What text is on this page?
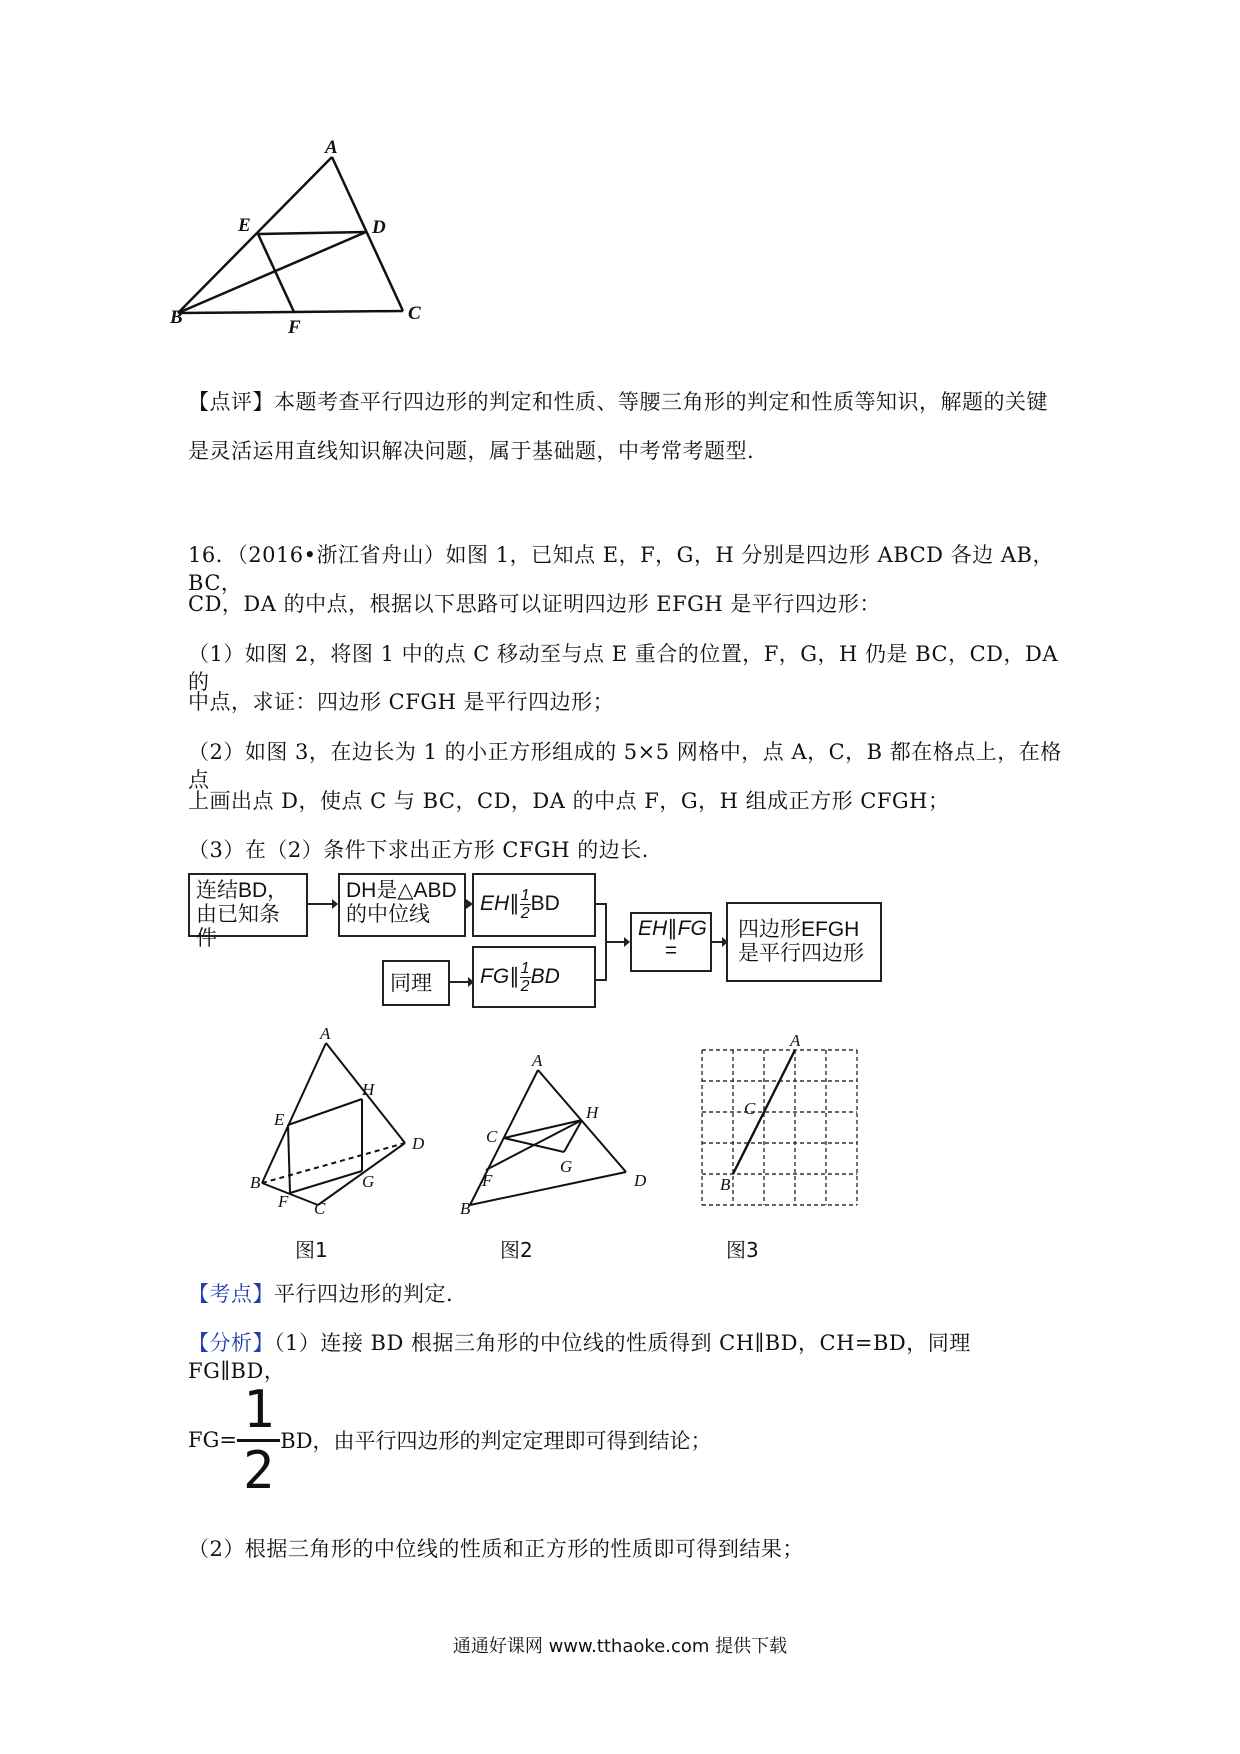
A
B	C
D
E
F
【点评】本题考查平行四边形的判定和性质、等腰三角形的判定和性质等知识，解题的关键
是灵活运用直线知识解决问题，属于基础题，中考常考题型.
16．（2016•浙江省舟山）如图 1，已知点 E，F，G，H 分别是四边形 ABCD 各边 AB，BC，
CD，DA 的中点，根据以下思路可以证明四边形 EFGH 是平行四边形：
（1）如图 2，将图 1 中的点 C 移动至与点 E 重合的位置，F，G，H 仍是 BC，CD，DA 的
中点，求证：四边形 CFGH 是平行四边形；
（2）如图 3，在边长为 1 的小正方形组成的 5×5 网格中，点 A，C，B 都在格点上，在格点
上画出点 D，使点 C 与 BC，CD，DA 的中点 F，G，H 组成正方形 CFGH；
（3）在（2）条件下求出正方形 CFGH 的边长.
连结BD，
由已知条件
DH是△ABD
的中位线	EH∥ $\frac{1}{2}$ BD
同理	FG∥ $\frac{1}{2}$ BD
EH∥FG
=
四边形EFGH
是平行四边形
A
B
C
D
E
F
G
H
图1
A
B
C
D
F
G
H
图2
A
B
C
图3
【考点】平行四边形的判定.
【分析】（1）连接 BD 根据三角形的中位线的性质得到 CH∥BD，CH=BD，同理 FG∥BD，
$FG= \frac{1}{2}$ BD，由平行四边形的判定定理即可得到结论；
（2）根据三角形的中位线的性质和正方形的性质即可得到结果；
通通好课网 www.tthaoke.com 提供下载
